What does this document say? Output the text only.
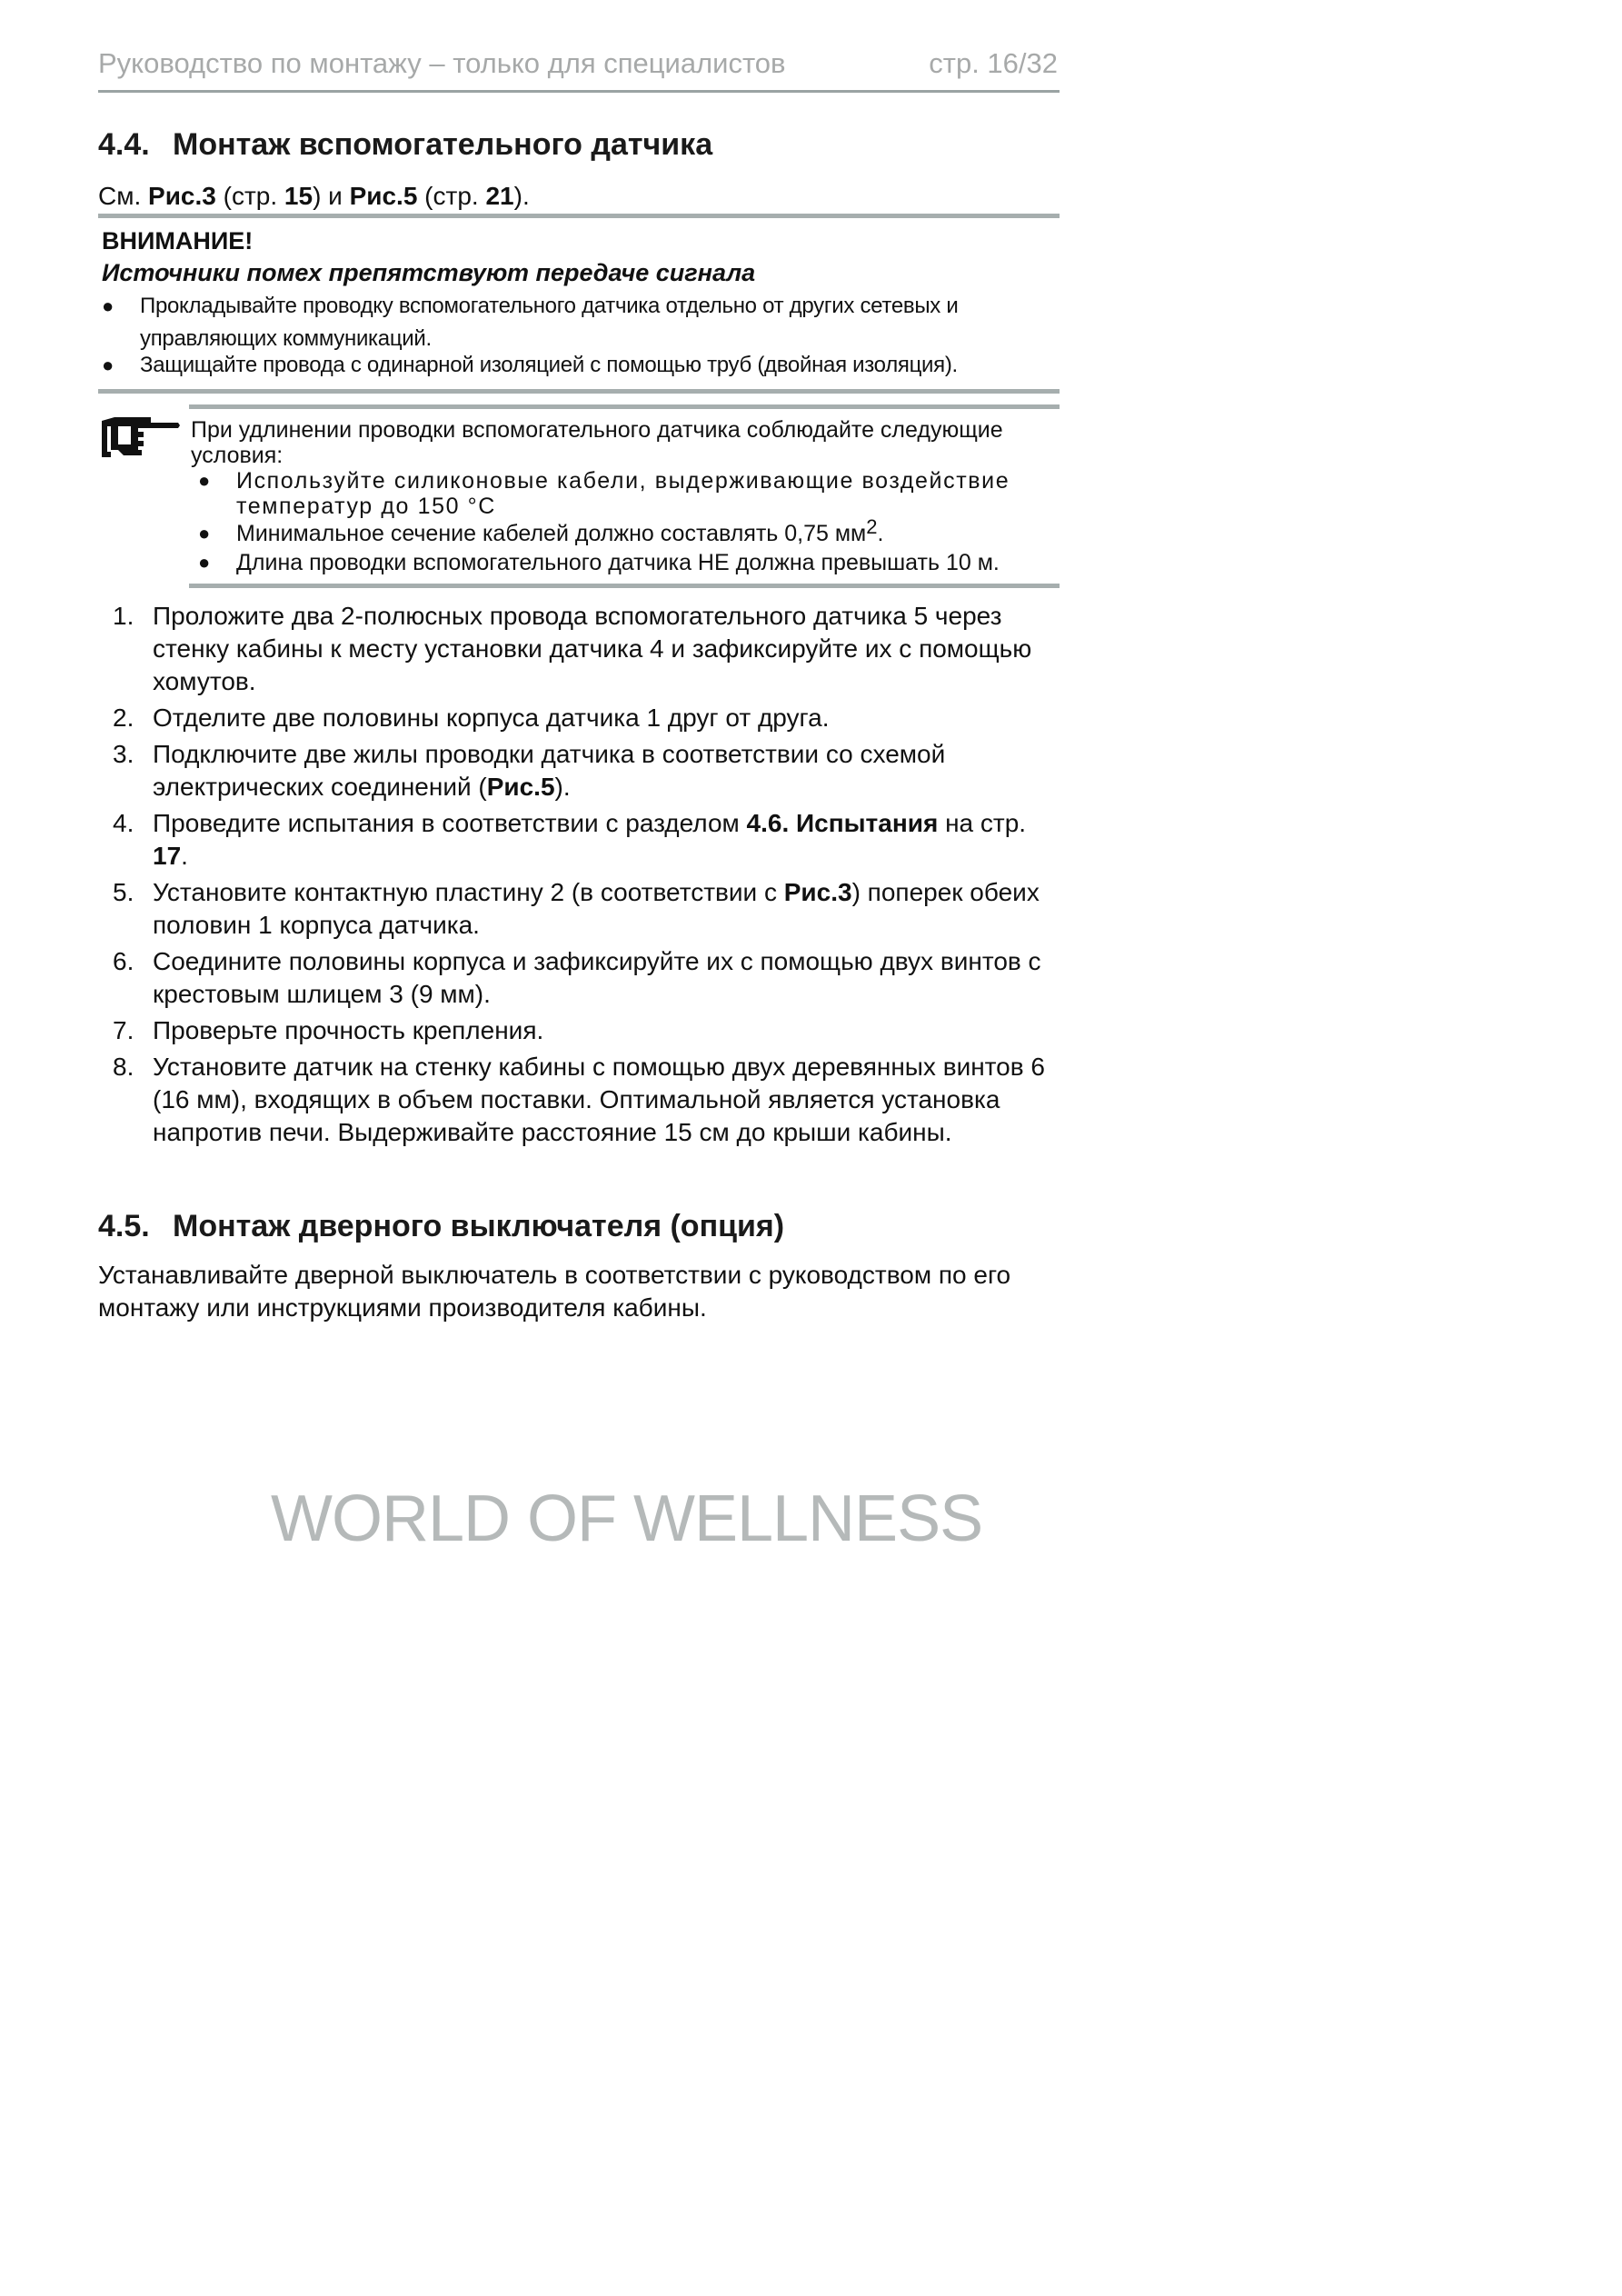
Руководство по монтажу – только для специалистов	стр. 16/32
4.4. Монтаж вспомогательного датчика
См. Рис.3 (стр. 15) и Рис.5 (стр. 21).
ВНИМАНИЕ!
Источники помех препятствуют передаче сигнала
● Прокладывайте проводку вспомогательного датчика отдельно от других сетевых и управляющих коммуникаций.
● Защищайте провода с одинарной изоляцией с помощью труб (двойная изоляция).
При удлинении проводки вспомогательного датчика соблюдайте следующие условия:
● Используйте силиконовые кабели, выдерживающие воздействие температур до 150 °C
● Минимальное сечение кабелей должно составлять 0,75 $мм^2$.
● Длина проводки вспомогательного датчика НЕ должна превышать 10 м.
1. Проложите два 2-полюсных провода вспомогательного датчика 5 через стенку кабины к месту установки датчика 4 и зафиксируйте их с помощью хомутов.
2. Отделите две половины корпуса датчика 1 друг от друга.
3. Подключите две жилы проводки датчика в соответствии со схемой электрических соединений (Рис.5).
4. Проведите испытания в соответствии с разделом 4.6. Испытания на стр. 17.
5. Установите контактную пластину 2 (в соответствии с Рис.3) поперек обеих половин 1 корпуса датчика.
6. Соедините половины корпуса и зафиксируйте их с помощью двух винтов с крестовым шлицем 3 (9 мм).
7. Проверьте прочность крепления.
8. Установите датчик на стенку кабины с помощью двух деревянных винтов 6 (16 мм), входящих в объем поставки. Оптимальной является установка напротив печи. Выдерживайте расстояние 15 см до крыши кабины.
4.5. Монтаж дверного выключателя (опция)
Устанавливайте дверной выключатель в соответствии с руководством по его монтажу или инструкциями производителя кабины.
WORLD OF WELLNESS
